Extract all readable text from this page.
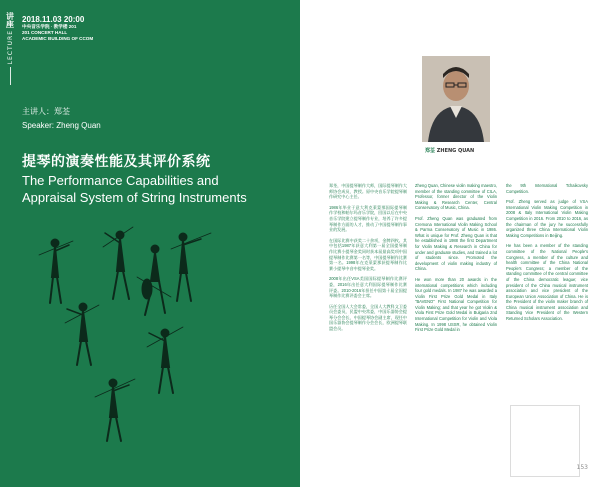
讲座
LECTURE
2018.11.03 20:00
中央音乐学院 · 教学楼 201
201 CONCERT HALL
ACADEMIC BUILDING OF CCOM
主讲人：郑荃
Speaker: Zheng Quan
提琴的演奏性能及其评价系统
The Performance Capabilities and Appraisal System of String Instruments
郑荃 ZHENG QUAN

郑荃，中国提琴制作大师，国际提琴制作大师协会成员，教授。原中央音乐学院提琴制作研究中心主任。

1986年毕业于意大利克莱蒙那国际提琴制作学校和帕尔玛音乐学院，回国以后在中央音乐学院建立提琴制作专业，培养了许多提琴制作方面的人才，推动了中国提琴制作事业的发展。

在国际比赛中获奖二十余项，金牌四枚。其中包括1987年获意大利第一届全国提琴制作比赛小提琴金奖同时获本届最高奖项中国提琴制作比赛第一名等，中国提琴制作比赛第一名。1998年在克莱蒙那获提琴制作比赛小提琴中音中提琴金奖。

2008年出任VSA美国国际提琴制作比赛评委，2016年出任意大利国际提琴制作比赛评委。2010-2016年担任中国第十届全国提琴制作比赛评委会主席。

历任全国人大会常委，全国人大教科文卫委员会委员，民盟中央常委，中国乐器协会提琴分会会长，中国提琴协会副主席，现任中国乐器协会提琴制作分会会长，欧洲提琴联盟会员。

Zheng Quan, Chinese violin making maestro, member of the standing committee of CILA, Professor, former director of the Violin Making & Research Center, Central Conservatory of Music, China.

Prof. Zheng Quan was graduated from Cremona International Violin Making School & Parma Conservatory of Music in 1986. What is unique for Prof. Zheng Quan is that he established in 1988 the first Department for Violin Making & Research in China for under and graduate studies, and trained a lot of students since. Promoted the development of violin making industry of China.

He won more than 20 awards in the international competitions which including four gold medals. In 1987 he was awarded a Violin First Prize Gold Medal in Italy "BAVENO" First National Competition for Violin Making; and that year he got Violin & Viola First Prize Gold Medal in Bulgaria 2nd International Competition for Violin and Viola Making. In 1998 USSR, he obtained Violin First Prize Gold Medal in

the 9th International Tchaikovsky Competition.

Prof. Zheng served as judge of VSA International Violin Making Competition in 2008 & Italy International Violin Making Competition in 2016. From 2010 to 2016, as the chairman of the jury he successfully organized three China International Violin Making Competitions in Beijing.

He has been a member of the standing committee of the National People's Congress, a member of the culture and health committee of the China National People's Congress; a member of the standing committee of the central committee of the China democratic league; vice president of the China musical instrument association and vice president of the European Union Association of China. He is the President of the violin maker branch of China musical instrument association and Standing Vice President of the Western Returned Scholars Association.

153
